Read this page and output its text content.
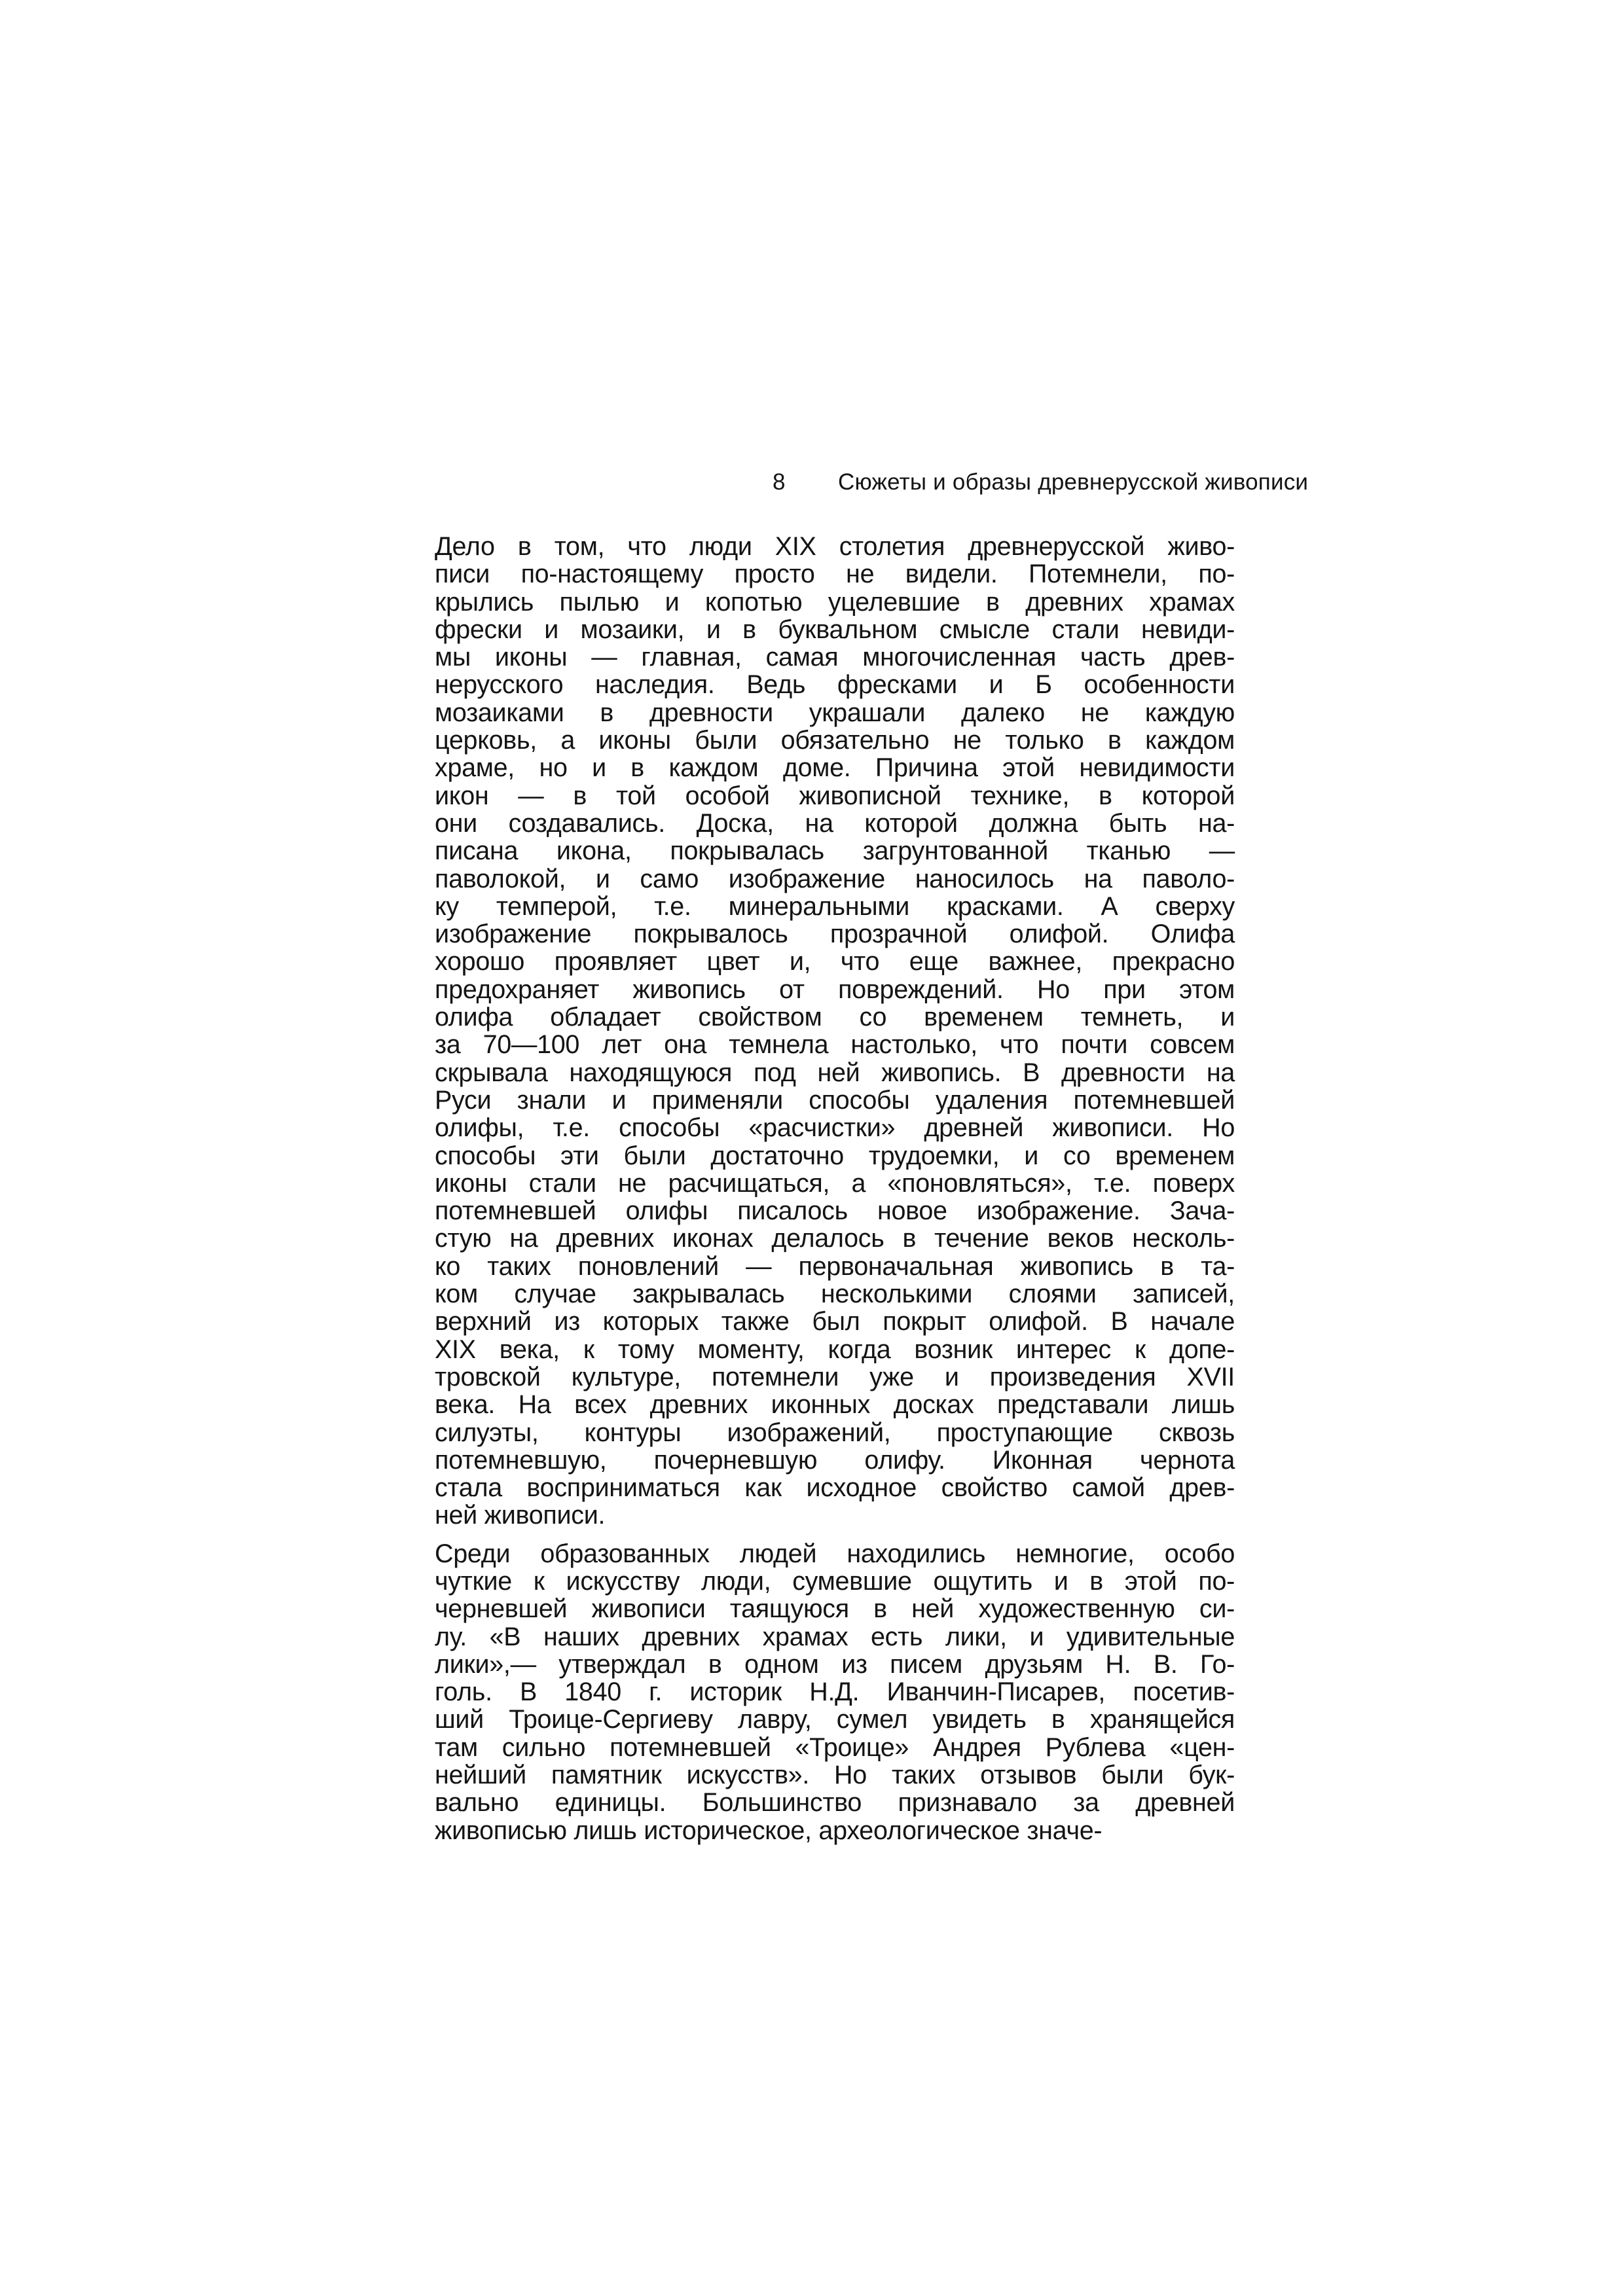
8 Сюжеты и образы древнерусской живописи

Дело в том, что люди XIX столетия древнерусской живо-
писи по-настоящему просто не видели. Потемнели, по-
крылись пылью и копотью уцелевшие в древних храмах
фрески и мозаики, и в буквальном смысле стали невиди-
мы иконы — главная, самая многочисленная часть древ-
нерусского наследия. Ведь фресками и Б особенности
мозаиками в древности украшали далеко не каждую
церковь, а иконы были обязательно не только в каждом
храме, но и в каждом доме. Причина этой невидимости
икон — в той особой живописной технике, в которой
они создавались. Доска, на которой должна быть на-
писана икона, покрывалась загрунтованной тканью —
паволокой, и само изображение наносилось на паволо-
ку темперой, т.е. минеральными красками. А сверху
изображение покрывалось прозрачной олифой. Олифа
хорошо проявляет цвет и, что еще важнее, прекрасно
предохраняет живопись от повреждений. Но при этом
олифа обладает свойством со временем темнеть, и
за 70—100 лет она темнела настолько, что почти совсем
скрывала находящуюся под ней живопись. В древности на
Руси знали и применяли способы удаления потемневшей
олифы, т.е. способы «расчистки» древней живописи. Но
способы эти были достаточно трудоемки, и со временем
иконы стали не расчищаться, а «поновляться», т.е. поверх
потемневшей олифы писалось новое изображение. Зача-
стую на древних иконах делалось в течение веков несколь-
ко таких поновлений — первоначальная живопись в та-
ком случае закрывалась несколькими слоями записей,
верхний из которых также был покрыт олифой. В начале
XIX века, к тому моменту, когда возник интерес к допе-
тровской культуре, потемнели уже и произведения XVII
века. На всех древних иконных досках представали лишь
силуэты, контуры изображений, проступающие сквозь
потемневшую, почерневшую олифу. Иконная чернота
стала восприниматься как исходное свойство самой древ-
ней живописи.

Среди образованных людей находились немногие, особо
чуткие к искусству люди, сумевшие ощутить и в этой по-
черневшей живописи таящуюся в ней художественную си-
лу. «В наших древних храмах есть лики, и удивительные
лики»,— утверждал в одном из писем друзьям Н. В. Го-
голь. В 1840 г. историк Н.Д. Иванчин-Писарев, посетив-
ший Троице-Сергиеву лавру, сумел увидеть в хранящейся
там сильно потемневшей «Троице» Андрея Рублева «цен-
нейший памятник искусств». Но таких отзывов были бук-
вально единицы. Большинство признавало за древней
живописью лишь историческое, археологическое значе-
